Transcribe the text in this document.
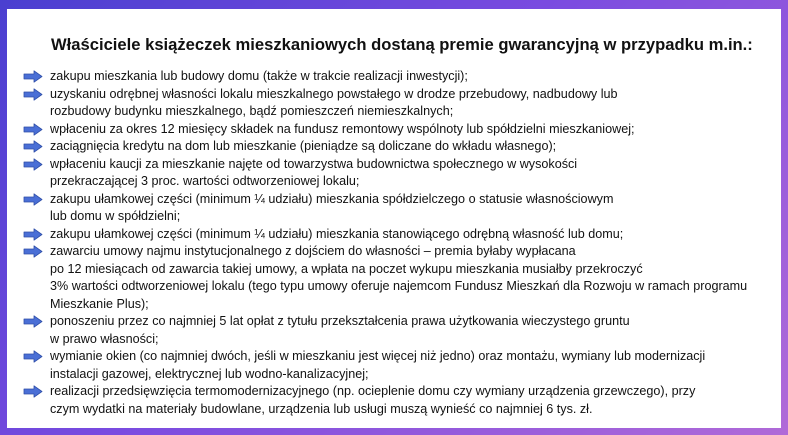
Właściciele książeczek mieszkaniowych dostaną premie gwarancyjną w przypadku m.in.:
zakupu mieszkania lub budowy domu (także w trakcie realizacji inwestycji);
uzyskaniu odrębnej własności lokalu mieszkalnego powstałego w drodze przebudowy, nadbudowy lub
rozbudowy budynku mieszkalnego, bądź pomieszczeń niemieszkalnych;
wpłaceniu za okres 12 miesięcy składek na fundusz remontowy wspólnoty lub spółdzielni mieszkaniowej;
zaciągnięcia kredytu na dom lub mieszkanie (pieniądze są doliczane do wkładu własnego);
wpłaceniu kaucji za mieszkanie najęte od towarzystwa budownictwa społecznego w wysokości
przekraczającej 3 proc. wartości odtworzeniowej lokalu;
zakupu ułamkowej części (minimum ¼ udziału) mieszkania spółdzielczego o statusie własnościowym
lub domu w spółdzielni;
zakupu ułamkowej części (minimum ¼ udziału) mieszkania stanowiącego odrębną własność lub domu;
zawarciu umowy najmu instytucjonalnego z dojściem do własności – premia byłaby wypłacana
po 12 miesiącach od zawarcia takiej umowy, a wpłata na poczet wykupu mieszkania musiałby przekroczyć
3% wartości odtworzeniowej lokalu (tego typu umowy oferuje najemcom Fundusz Mieszkań dla Rozwoju w ramach programu
Mieszkanie Plus);
ponoszeniu przez co najmniej 5 lat opłat z tytułu przekształcenia prawa użytkowania wieczystego gruntu
w prawo własności;
wymianie okien (co najmniej dwóch, jeśli w mieszkaniu jest więcej niż jedno) oraz montażu, wymiany lub modernizacji
instalacji gazowej, elektrycznej lub wodno-kanalizacyjnej;
realizacji przedsięwzięcia termomodernizacyjnego (np. ocieplenie domu czy wymiany urządzenia grzewczego), przy
czym wydatki na materiały budowlane, urządzenia lub usługi muszą wynieść co najmniej 6 tys. zł.
